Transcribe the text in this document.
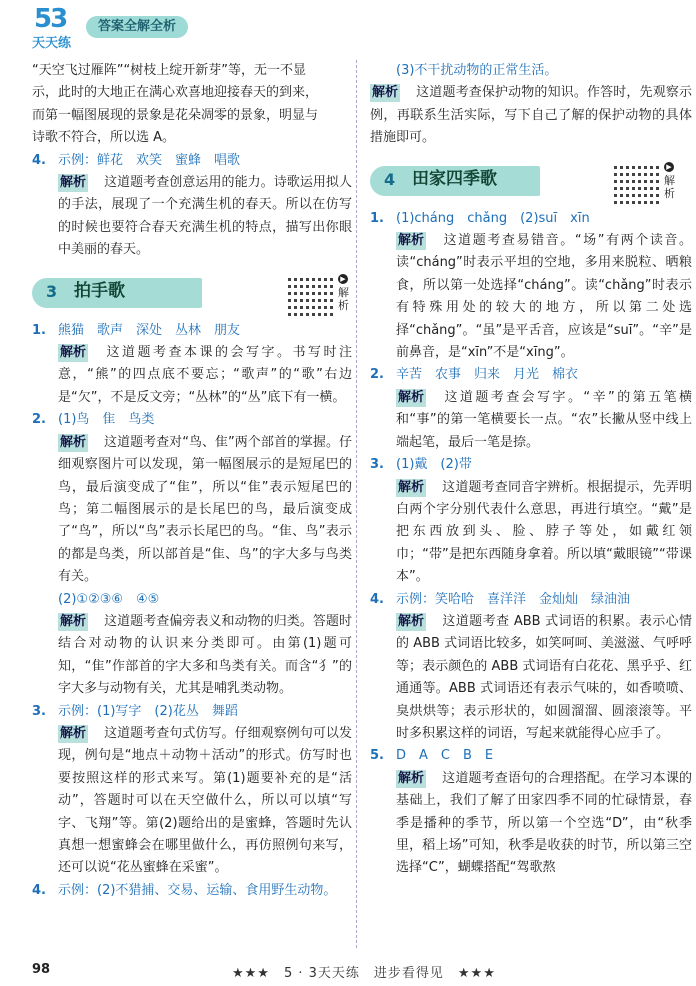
53
天天练
答案全解全析

“天空飞过雁阵”“树枝上绽开新芽”等，无一不显

示，此时的大地正在满心欢喜地迎接春天的到来，

而第一幅图展现的景象是花朵凋零的景象，明显与

诗歌不符合，所以选 A。

4. 示例：鲜花　欢笑　蜜蜂　唱歌

解析 这道题考查创意运用的能力。诗歌运用拟人的手法，展现了一个充满生机的春天。所以在仿写的时候也要符合春天充满生机的特点，描写出你眼中美丽的春天。

3 拍手歌
▶
解析
1. 熊猫　歌声　深处　丛林　朋友

解析 这道题考查本课的会写字。书写时注意，“熊”的四点底不要忘；“歌声”的“歌”右边是“欠”，不是反文旁；“丛林”的“丛”底下有一横。

2. (1)鸟　隹　鸟类

解析 这道题考查对“鸟、隹”两个部首的掌握。仔细观察图片可以发现，第一幅图展示的是短尾巴的鸟，最后演变成了“隹”，所以“隹”表示短尾巴的鸟；第二幅图展示的是长尾巴的鸟，最后演变成了“鸟”，所以“鸟”表示长尾巴的鸟。“隹、鸟”表示的都是鸟类，所以部首是“隹、鸟”的字大多与鸟类有关。

(2)①②③⑥　④⑤

解析 这道题考查偏旁表义和动物的归类。答题时结合对动物的认识来分类即可。由第(1)题可知，“隹”作部首的字大多和鸟类有关。而含“犭”的字大多与动物有关，尤其是哺乳类动物。

3. 示例：(1)写字　(2)花丛　舞蹈

解析 这道题考查句式仿写。仔细观察例句可以发现，例句是“地点＋动物＋活动”的形式。仿写时也要按照这样的形式来写。第(1)题要补充的是“活动”，答题时可以在天空做什么，所以可以填“写字、飞翔”等。第(2)题给出的是蜜蜂，答题时先认真想一想蜜蜂会在哪里做什么，再仿照例句来写，还可以说“花丛蜜蜂在采蜜”。

4. 示例：(2)不猎捕、交易、运输、食用野生动物。

(3)不干扰动物的正常生活。

解析 这道题考查保护动物的知识。作答时，先观察示例，再联系生活实际，写下自己了解的保护动物的具体措施即可。

4 田家四季歌
▶
解析
1. (1)cháng　chǎng　(2)suī　xīn

解析 这道题考查易错音。“场”有两个读音。读“cháng”时表示平坦的空地，多用来脱粒、晒粮食，所以第一处选择“cháng”。读“chǎng”时表示有特殊用处的较大的地方，所以第二处选择“chǎng”。“虽”是平舌音，应该是“suī”。“辛”是前鼻音，是“xīn”不是“xīng”。

2. 辛苦　农事　归来　月光　棉衣

解析 这道题考查会写字。“辛”的第五笔横和“事”的第一笔横要长一点。“农”长撇从竖中线上端起笔，最后一笔是捺。

3. (1)戴　(2)带

解析 这道题考查同音字辨析。根据提示，先弄明白两个字分别代表什么意思，再进行填空。“戴”是把东西放到头、脸、脖子等处，如戴红领巾；“带”是把东西随身拿着。所以填“戴眼镜”“带课本”。

4. 示例：笑哈哈　喜洋洋　金灿灿　绿油油

解析 这道题考查 ABB 式词语的积累。表示心情的 ABB 式词语比较多，如笑呵呵、美滋滋、气呼呼等；表示颜色的 ABB 式词语有白花花、黑乎乎、红通通等。ABB 式词语还有表示气味的，如香喷喷、臭烘烘等；表示形状的，如圆溜溜、圆滚滚等。平时多积累这样的词语，写起来就能得心应手了。

5. D　A　C　B　E

解析 这道题考查语句的合理搭配。在学习本课的基础上，我们了解了田家四季不同的忙碌情景，春季是播种的季节，所以第一个空选“D”，由“秋季里，稻上场”可知，秋季是收获的时节，所以第三空选择“C”，蝴蝶搭配“驾歌熬

98	★★★　5 · 3天天练　进步看得见　★★★
